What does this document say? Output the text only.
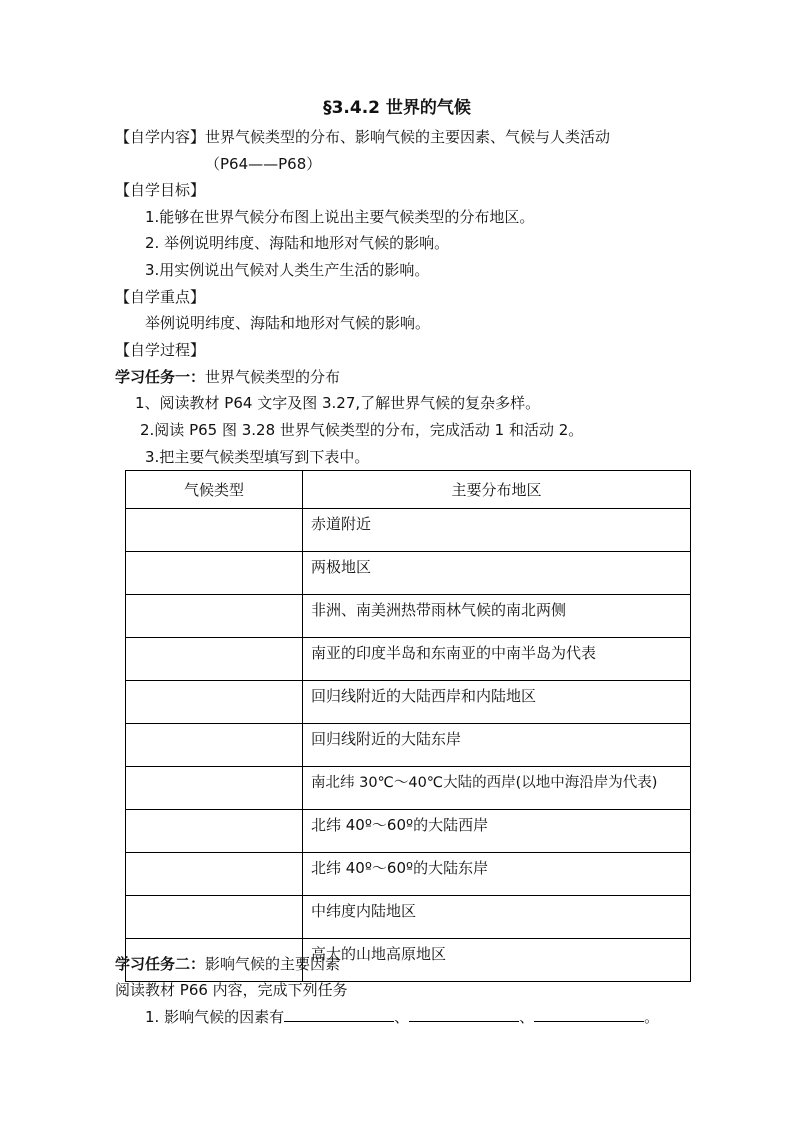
§3.4.2 世界的气候
【自学内容】世界气候类型的分布、影响气候的主要因素、气候与人类活动
（P64——P68）
【自学目标】
1.能够在世界气候分布图上说出主要气候类型的分布地区。
2. 举例说明纬度、海陆和地形对气候的影响。
3.用实例说出气候对人类生产生活的影响。
【自学重点】
举例说明纬度、海陆和地形对气候的影响。
【自学过程】
学习任务一：世界气候类型的分布
1、阅读教材 P64 文字及图 3.27,了解世界气候的复杂多样。
2.阅读 P65 图 3.28 世界气候类型的分布，完成活动 1 和活动 2。
3.把主要气候类型填写到下表中。
气候类型	主要分布地区
	赤道附近
	两极地区
	非洲、南美洲热带雨林气候的南北两侧
	南亚的印度半岛和东南亚的中南半岛为代表
	回归线附近的大陆西岸和内陆地区
	回归线附近的大陆东岸
	南北纬 30℃～40℃大陆的西岸(以地中海沿岸为代表)
	北纬 40º～60º的大陆西岸
	北纬 40º～60º的大陆东岸
	中纬度内陆地区
	高大的山地高原地区
学习任务二：影响气候的主要因素
阅读教材 P66 内容，完成下列任务
1. 影响气候的因素有	、	、	。
